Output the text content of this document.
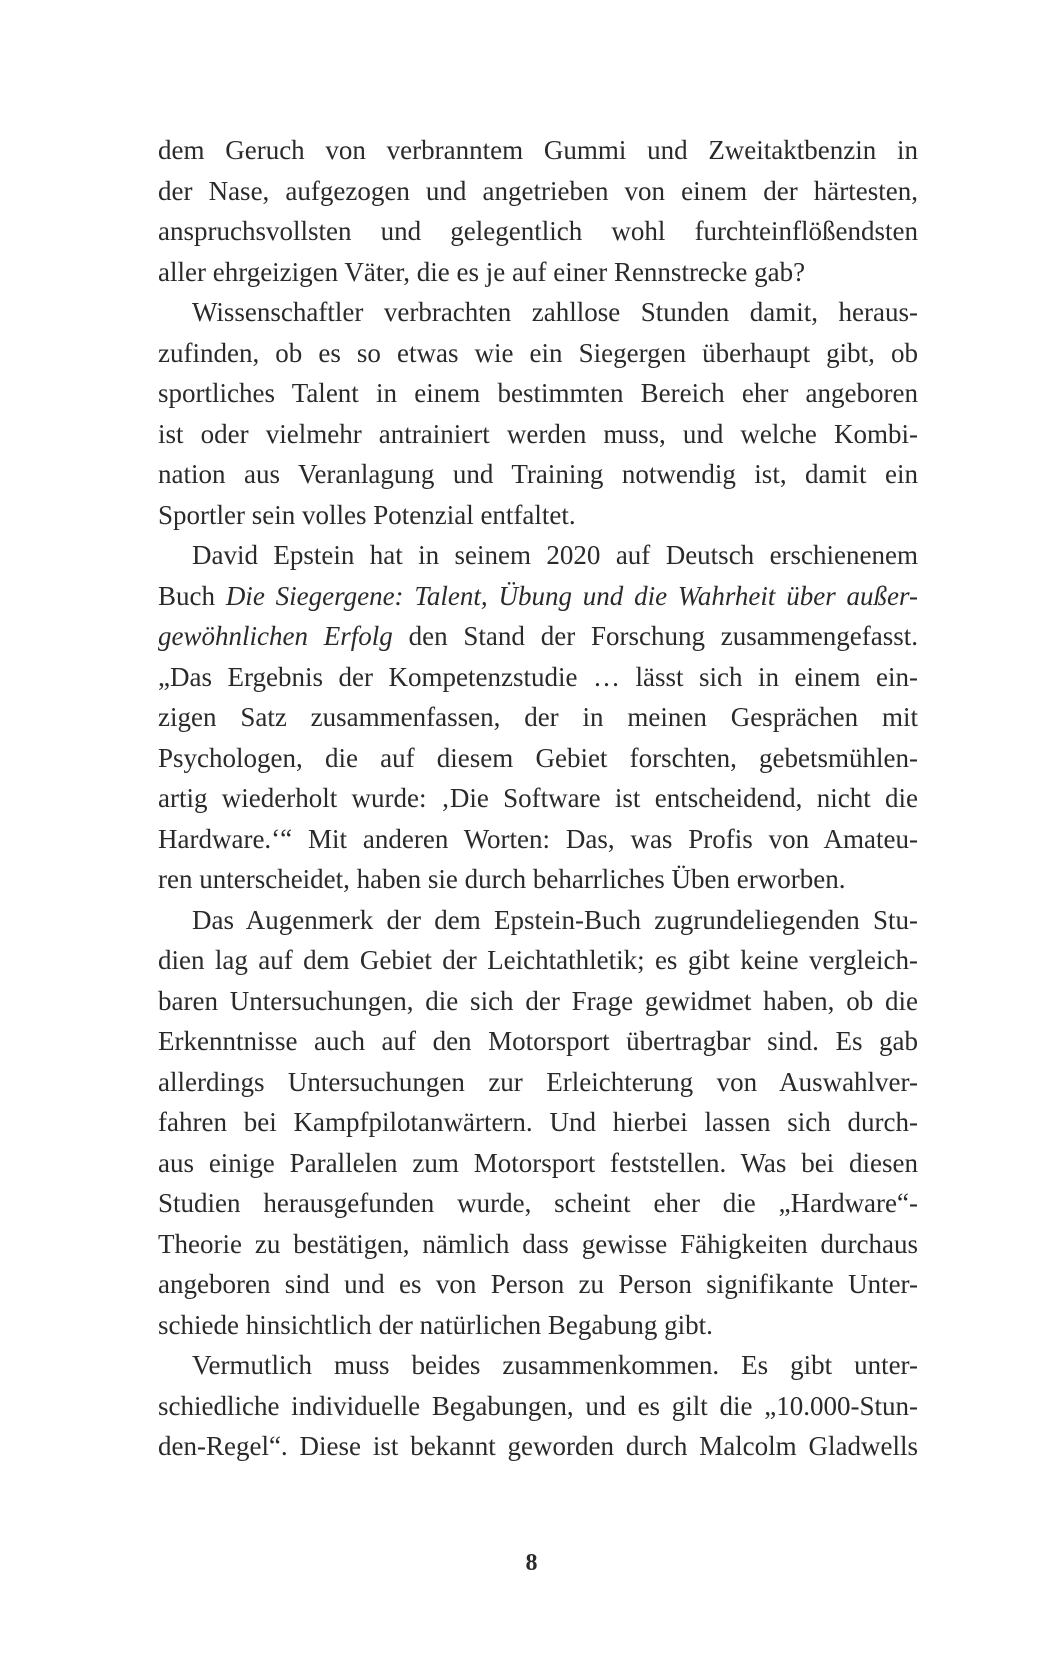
dem Geruch von verbranntem Gummi und Zweitaktbenzin in
der Nase, aufgezogen und angetrieben von einem der härtesten,
anspruchsvollsten und gelegentlich wohl furchteinflößendsten
aller ehrgeizigen Väter, die es je auf einer Rennstrecke gab?
Wissenschaftler verbrachten zahllose Stunden damit, heraus-
zufinden, ob es so etwas wie ein Siegergen überhaupt gibt, ob
sportliches Talent in einem bestimmten Bereich eher angeboren
ist oder vielmehr antrainiert werden muss, und welche Kombi-
nation aus Veranlagung und Training notwendig ist, damit ein
Sportler sein volles Potenzial entfaltet.
David Epstein hat in seinem 2020 auf Deutsch erschienenem
Buch Die Siegergene: Talent, Übung und die Wahrheit über außer-
gewöhnlichen Erfolg den Stand der Forschung zusammengefasst.
„Das Ergebnis der Kompetenzstudie … lässt sich in einem ein-
zigen Satz zusammenfassen, der in meinen Gesprächen mit
Psychologen, die auf diesem Gebiet forschten, gebetsmühlen-
artig wiederholt wurde: ‚Die Software ist entscheidend, nicht die
Hardware.‘“ Mit anderen Worten: Das, was Profis von Amateu-
ren unterscheidet, haben sie durch beharrliches Üben erworben.
Das Augenmerk der dem Epstein-Buch zugrundeliegenden Stu-
dien lag auf dem Gebiet der Leichtathletik; es gibt keine vergleich-
baren Untersuchungen, die sich der Frage gewidmet haben, ob die
Erkenntnisse auch auf den Motorsport übertragbar sind. Es gab
allerdings Untersuchungen zur Erleichterung von Auswahlver-
fahren bei Kampfpilotanwärtern. Und hierbei lassen sich durch-
aus einige Parallelen zum Motorsport feststellen. Was bei diesen
Studien herausgefunden wurde, scheint eher die „Hardware“-
Theorie zu bestätigen, nämlich dass gewisse Fähigkeiten durchaus
angeboren sind und es von Person zu Person signifikante Unter-
schiede hinsichtlich der natürlichen Begabung gibt.
Vermutlich muss beides zusammenkommen. Es gibt unter-
schiedliche individuelle Begabungen, und es gilt die „10.000-Stun-
den-Regel“. Diese ist bekannt geworden durch Malcolm Gladwells
8
